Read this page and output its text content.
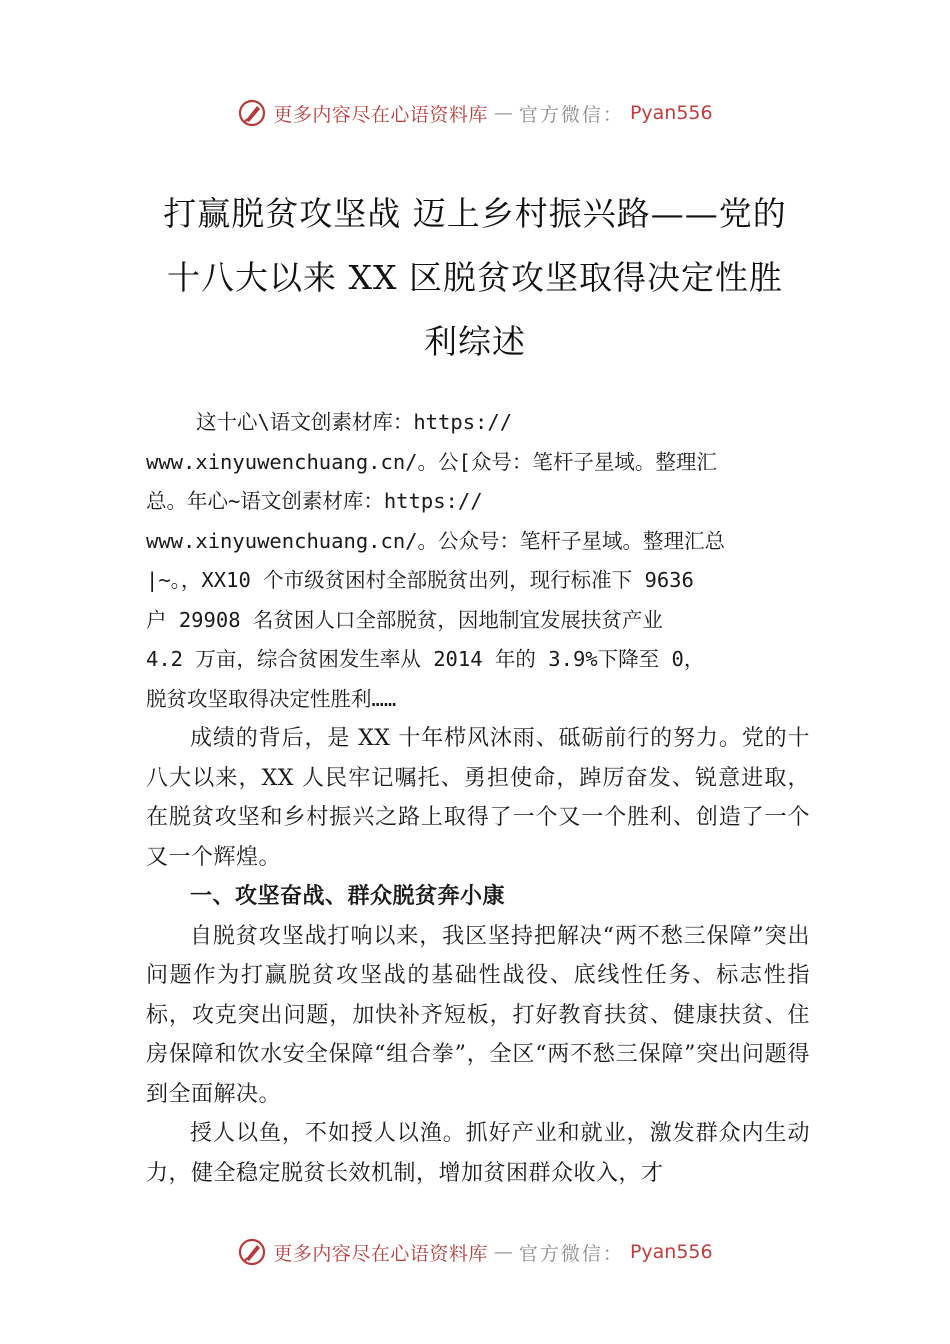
更多内容尽在心语资料库 — 官方微信： Pyan556
打赢脱贫攻坚战 迈上乡村振兴路——党的
十八大以来 XX 区脱贫攻坚取得决定性胜
利综述

这十心\语文创素材库：https://
www.xinyuwenchuang.cn/。公[众号：笔杆子星域。整理汇
总。年心~语文创素材库：https://
www.xinyuwenchuang.cn/。公众号：笔杆子星域。整理汇总
|~。，XX10 个市级贫困村全部脱贫出列，现行标准下 9636
户 29908 名贫困人口全部脱贫，因地制宜发展扶贫产业
4.2 万亩，综合贫困发生率从 2014 年的 3.9%下降至 0，
脱贫攻坚取得决定性胜利……

成绩的背后，是 XX 十年栉风沐雨、砥砺前行的努力。党的十八大以来，XX 人民牢记嘱托、勇担使命，踔厉奋发、锐意进取，在脱贫攻坚和乡村振兴之路上取得了一个又一个胜利、创造了一个又一个辉煌。

一、攻坚奋战、群众脱贫奔小康

自脱贫攻坚战打响以来，我区坚持把解决“两不愁三保障”突出问题作为打赢脱贫攻坚战的基础性战役、底线性任务、标志性指标，攻克突出问题，加快补齐短板，打好教育扶贫、健康扶贫、住房保障和饮水安全保障“组合拳”，全区“两不愁三保障”突出问题得到全面解决。

授人以鱼，不如授人以渔。抓好产业和就业，激发群众内生动力，健全稳定脱贫长效机制，增加贫困群众收入，才

更多内容尽在心语资料库 — 官方微信： Pyan556
